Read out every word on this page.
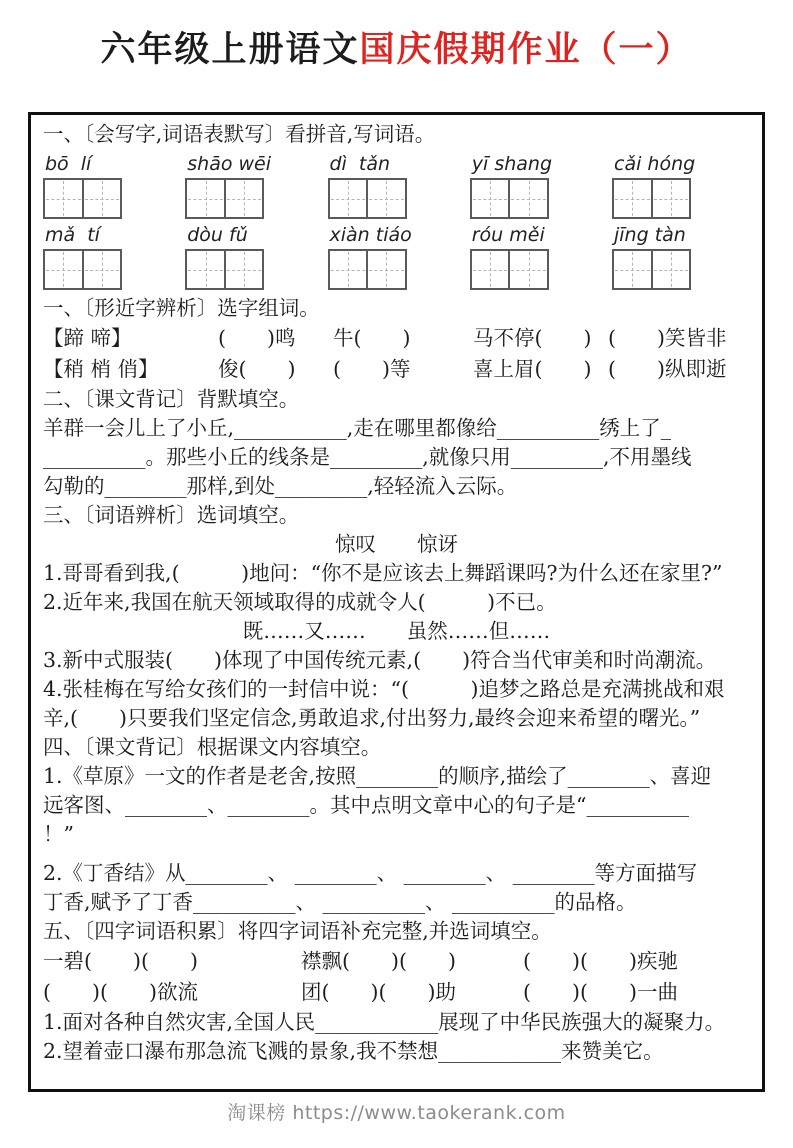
六年级上册语文国庆假期作业（一）

一、〔会写字,词语表默写〕看拼音,写词语。

bō  lí	shāo wēi	dì  tǎn	yī shang	cǎi hóng
mǎ  tí	dòu fǔ	xiàn tiáo	róu měi	jīng tàn

一、〔形近字辨析〕选字组词。

【蹄 啼】	(　　)鸣	牛(　　)	马不停(　　) (　　)笑皆非
【稍 梢 俏】	俊(　　)	(　　)等	喜上眉(　　) (　　)纵即逝

二、〔课文背记〕背默填空。

羊群一会儿上了小丘,___________,走在哪里都像给__________绣上了_

__________。那些小丘的线条是_________,就像只用_________,不用墨线

勾勒的________那样,到处_________,轻轻流入云际。

三、〔词语辨析〕选词填空。

惊叹　　惊讶

1.哥哥看到我,(　　　)地问：“你不是应该去上舞蹈课吗?为什么还在家里?”

2.近年来,我国在航天领域取得的成就令人(　　　)不已。

既……又……　　虽然……但……

3.新中式服装(　　)体现了中国传统元素,(　　)符合当代审美和时尚潮流。

4.张桂梅在写给女孩们的一封信中说：“(　　　)追梦之路总是充满挑战和艰

辛,(　　)只要我们坚定信念,勇敢追求,付出努力,最终会迎来希望的曙光。”

四、〔课文背记〕根据课文内容填空。

1.《草原》一文的作者是老舍,按照________的顺序,描绘了________、喜迎

远客图、________、________。其中点明文章中心的句子是“__________

！”

2.《丁香结》从________、 ________、 ________、 ________等方面描写

丁香,赋予了丁香__________、 __________、 __________的品格。

五、〔四字词语积累〕将四字词语补充完整,并选词填空。

一碧(　　)(　　)	襟飘(　　)(　　)	(　　)(　　)疾驰
(　　)(　　)欲流	团(　　)(　　)助	(　　)(　　)一曲

1.面对各种自然灾害,全国人民____________展现了中华民族强大的凝聚力。

2.望着壶口瀑布那急流飞溅的景象,我不禁想____________来赞美它。

淘课榜 https://www.taokerank.com
